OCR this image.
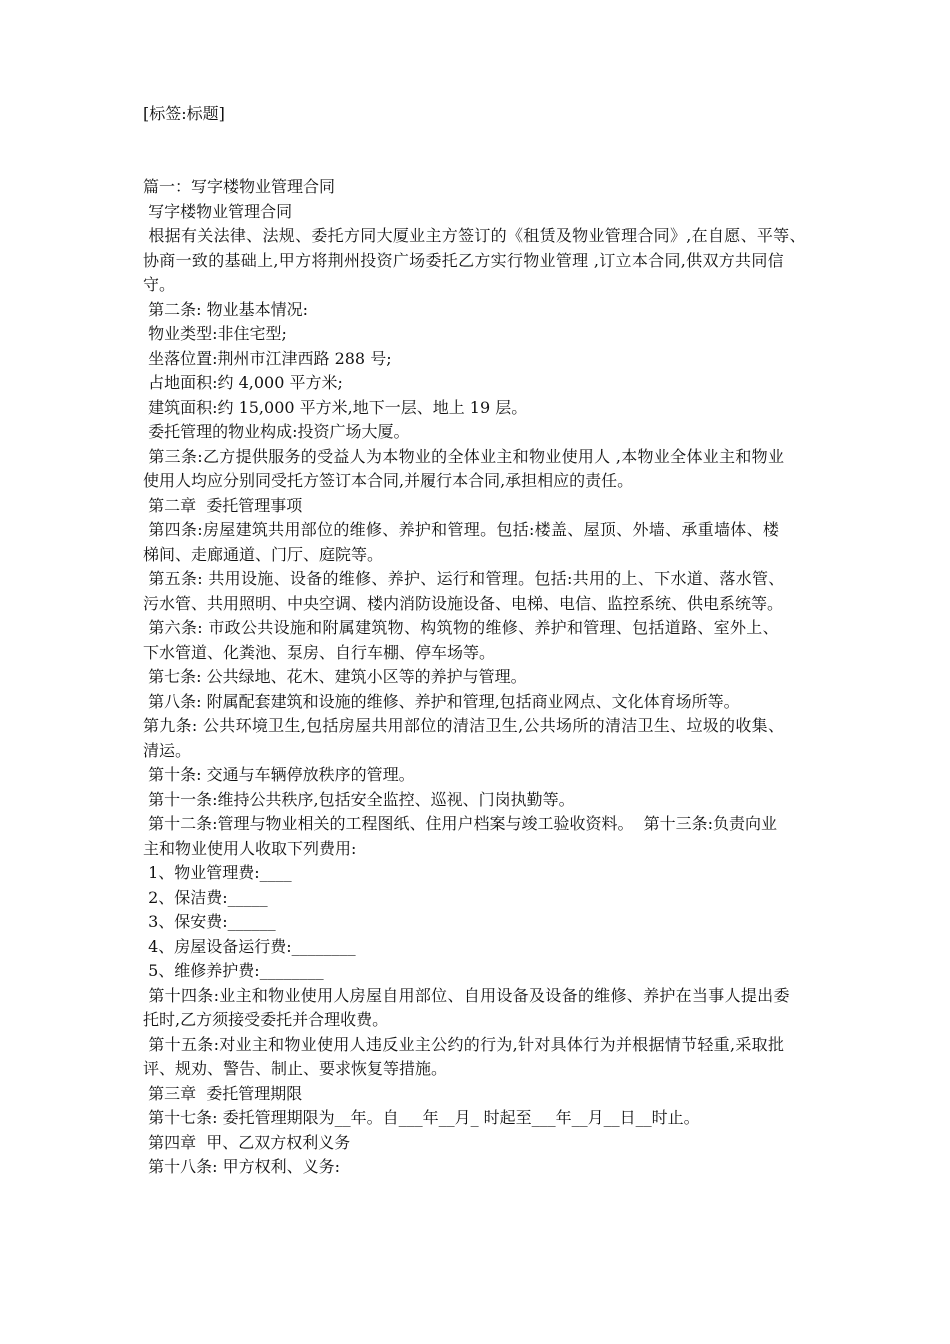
[标签:标题]
篇一：写字楼物业管理合同
写字楼物业管理合同
根据有关法律、法规、委托方同大厦业主方签订的《租赁及物业管理合同》,在自愿、平等、
协商一致的基础上,甲方将荆州投资广场委托乙方实行物业管理 ,订立本合同,供双方共同信
守。
第二条: 物业基本情况:
物业类型:非住宅型;
坐落位置:荆州市江津西路 288 号;
占地面积:约 4,000 平方米;
建筑面积:约 15,000 平方米,地下一层、地上 19 层。
委托管理的物业构成:投资广场大厦。
第三条:乙方提供服务的受益人为本物业的全体业主和物业使用人 ,本物业全体业主和物业
使用人均应分别同受托方签订本合同,并履行本合同,承担相应的责任。
第二章  委托管理事项
第四条:房屋建筑共用部位的维修、养护和管理。包括:楼盖、屋顶、外墙、承重墙体、楼
梯间、走廊通道、门厅、庭院等。
第五条: 共用设施、设备的维修、养护、运行和管理。包括:共用的上、下水道、落水管、
污水管、共用照明、中央空调、楼内消防设施设备、电梯、电信、监控系统、供电系统等。
第六条: 市政公共设施和附属建筑物、构筑物的维修、养护和管理、包括道路、室外上、
下水管道、化粪池、泵房、自行车棚、停车场等。
第七条: 公共绿地、花木、建筑小区等的养护与管理。
第八条: 附属配套建筑和设施的维修、养护和管理,包括商业网点、文化体育场所等。
第九条: 公共环境卫生,包括房屋共用部位的清洁卫生,公共场所的清洁卫生、垃圾的收集、
清运。
第十条: 交通与车辆停放秩序的管理。
第十一条:维持公共秩序,包括安全监控、巡视、门岗执勤等。
第十二条:管理与物业相关的工程图纸、住用户档案与竣工验收资料。  第十三条:负责向业
主和物业使用人收取下列费用:
1、物业管理费:____
2、保洁费:_____
3、保安费:______
4、房屋设备运行费:________
5、维修养护费:________
第十四条:业主和物业使用人房屋自用部位、自用设备及设备的维修、养护在当事人提出委
托时,乙方须接受委托并合理收费。
第十五条:对业主和物业使用人违反业主公约的行为,针对具体行为并根据情节轻重,采取批
评、规劝、警告、制止、要求恢复等措施。
第三章  委托管理期限
第十七条: 委托管理期限为__年。自___年__月_ 时起至___年__月__日__时止。
第四章  甲、乙双方权利义务
第十八条: 甲方权利、义务:
